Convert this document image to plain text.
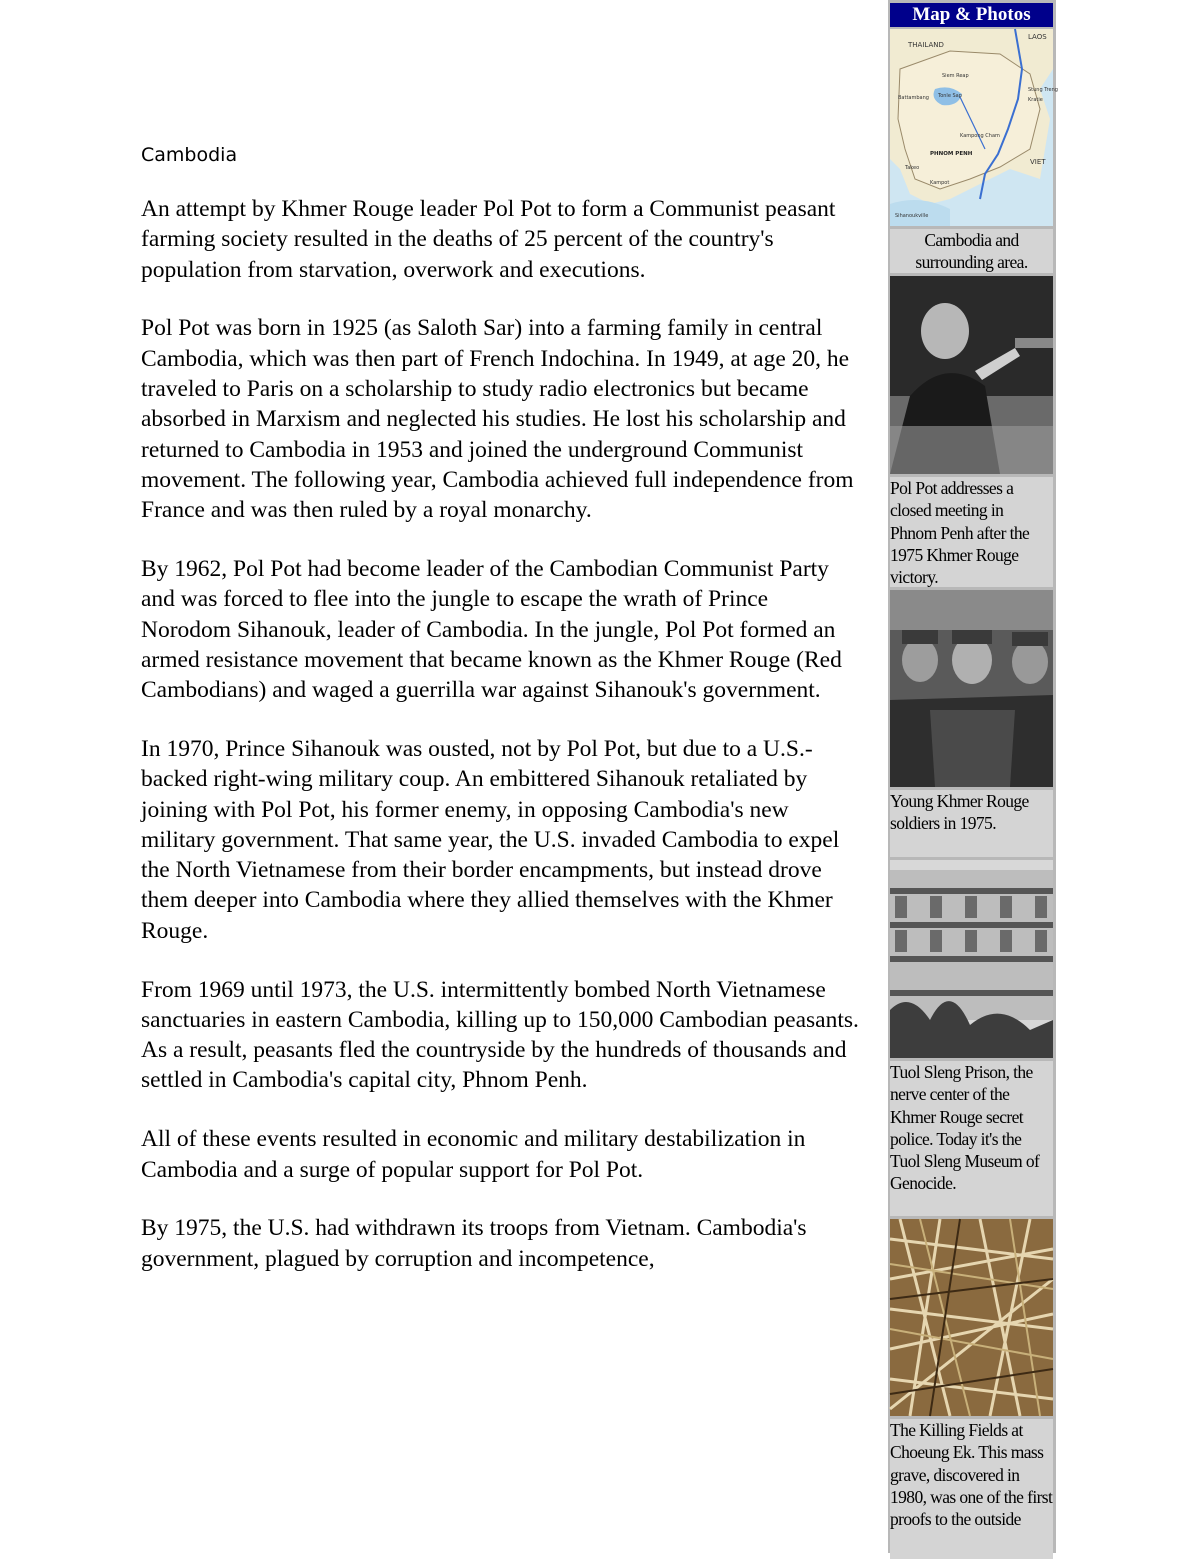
Cambodia

An attempt by Khmer Rouge leader Pol Pot to form a Communist peasant farming society resulted in the deaths of 25 percent of the country's population from starvation, overwork and executions.

Pol Pot was born in 1925 (as Saloth Sar) into a farming family in central Cambodia, which was then part of French Indochina. In 1949, at age 20, he traveled to Paris on a scholarship to study radio electronics but became absorbed in Marxism and neglected his studies. He lost his scholarship and returned to Cambodia in 1953 and joined the underground Communist movement. The following year, Cambodia achieved full independence from France and was then ruled by a royal monarchy.

By 1962, Pol Pot had become leader of the Cambodian Communist Party and was forced to flee into the jungle to escape the wrath of Prince Norodom Sihanouk, leader of Cambodia. In the jungle, Pol Pot formed an armed resistance movement that became known as the Khmer Rouge (Red Cambodians) and waged a guerrilla war against Sihanouk's government.

In 1970, Prince Sihanouk was ousted, not by Pol Pot, but due to a U.S.-backed right-wing military coup. An embittered Sihanouk retaliated by joining with Pol Pot, his former enemy, in opposing Cambodia's new military government. That same year, the U.S. invaded Cambodia to expel the North Vietnamese from their border encampments, but instead drove them deeper into Cambodia where they allied themselves with the Khmer Rouge.

From 1969 until 1973, the U.S. intermittently bombed North Vietnamese sanctuaries in eastern Cambodia, killing up to 150,000 Cambodian peasants. As a result, peasants fled the countryside by the hundreds of thousands and settled in Cambodia's capital city, Phnom Penh.

All of these events resulted in economic and military destabilization in Cambodia and a surge of popular support for Pol Pot.

By 1975, the U.S. had withdrawn its troops from Vietnam. Cambodia's government, plagued by corruption and incompetence,

Map & Photos
THAILAND
LAOS
Siem Reap
Battambang Tonle Sap
Kratie
Stung Treng
Kampong Cham
PHNOM PENH
VIET
Kampot
Takeo
Sihanoukville
Cambodia and surrounding area.
Pol Pot addresses a closed meeting in Phnom Penh after the 1975 Khmer Rouge victory.
Young Khmer Rouge soldiers in 1975.
Tuol Sleng Prison, the nerve center of the Khmer Rouge secret police. Today it's the Tuol Sleng Museum of Genocide.
The Killing Fields at Choeung Ek. This mass grave, discovered in 1980, was one of the first proofs to the outside
